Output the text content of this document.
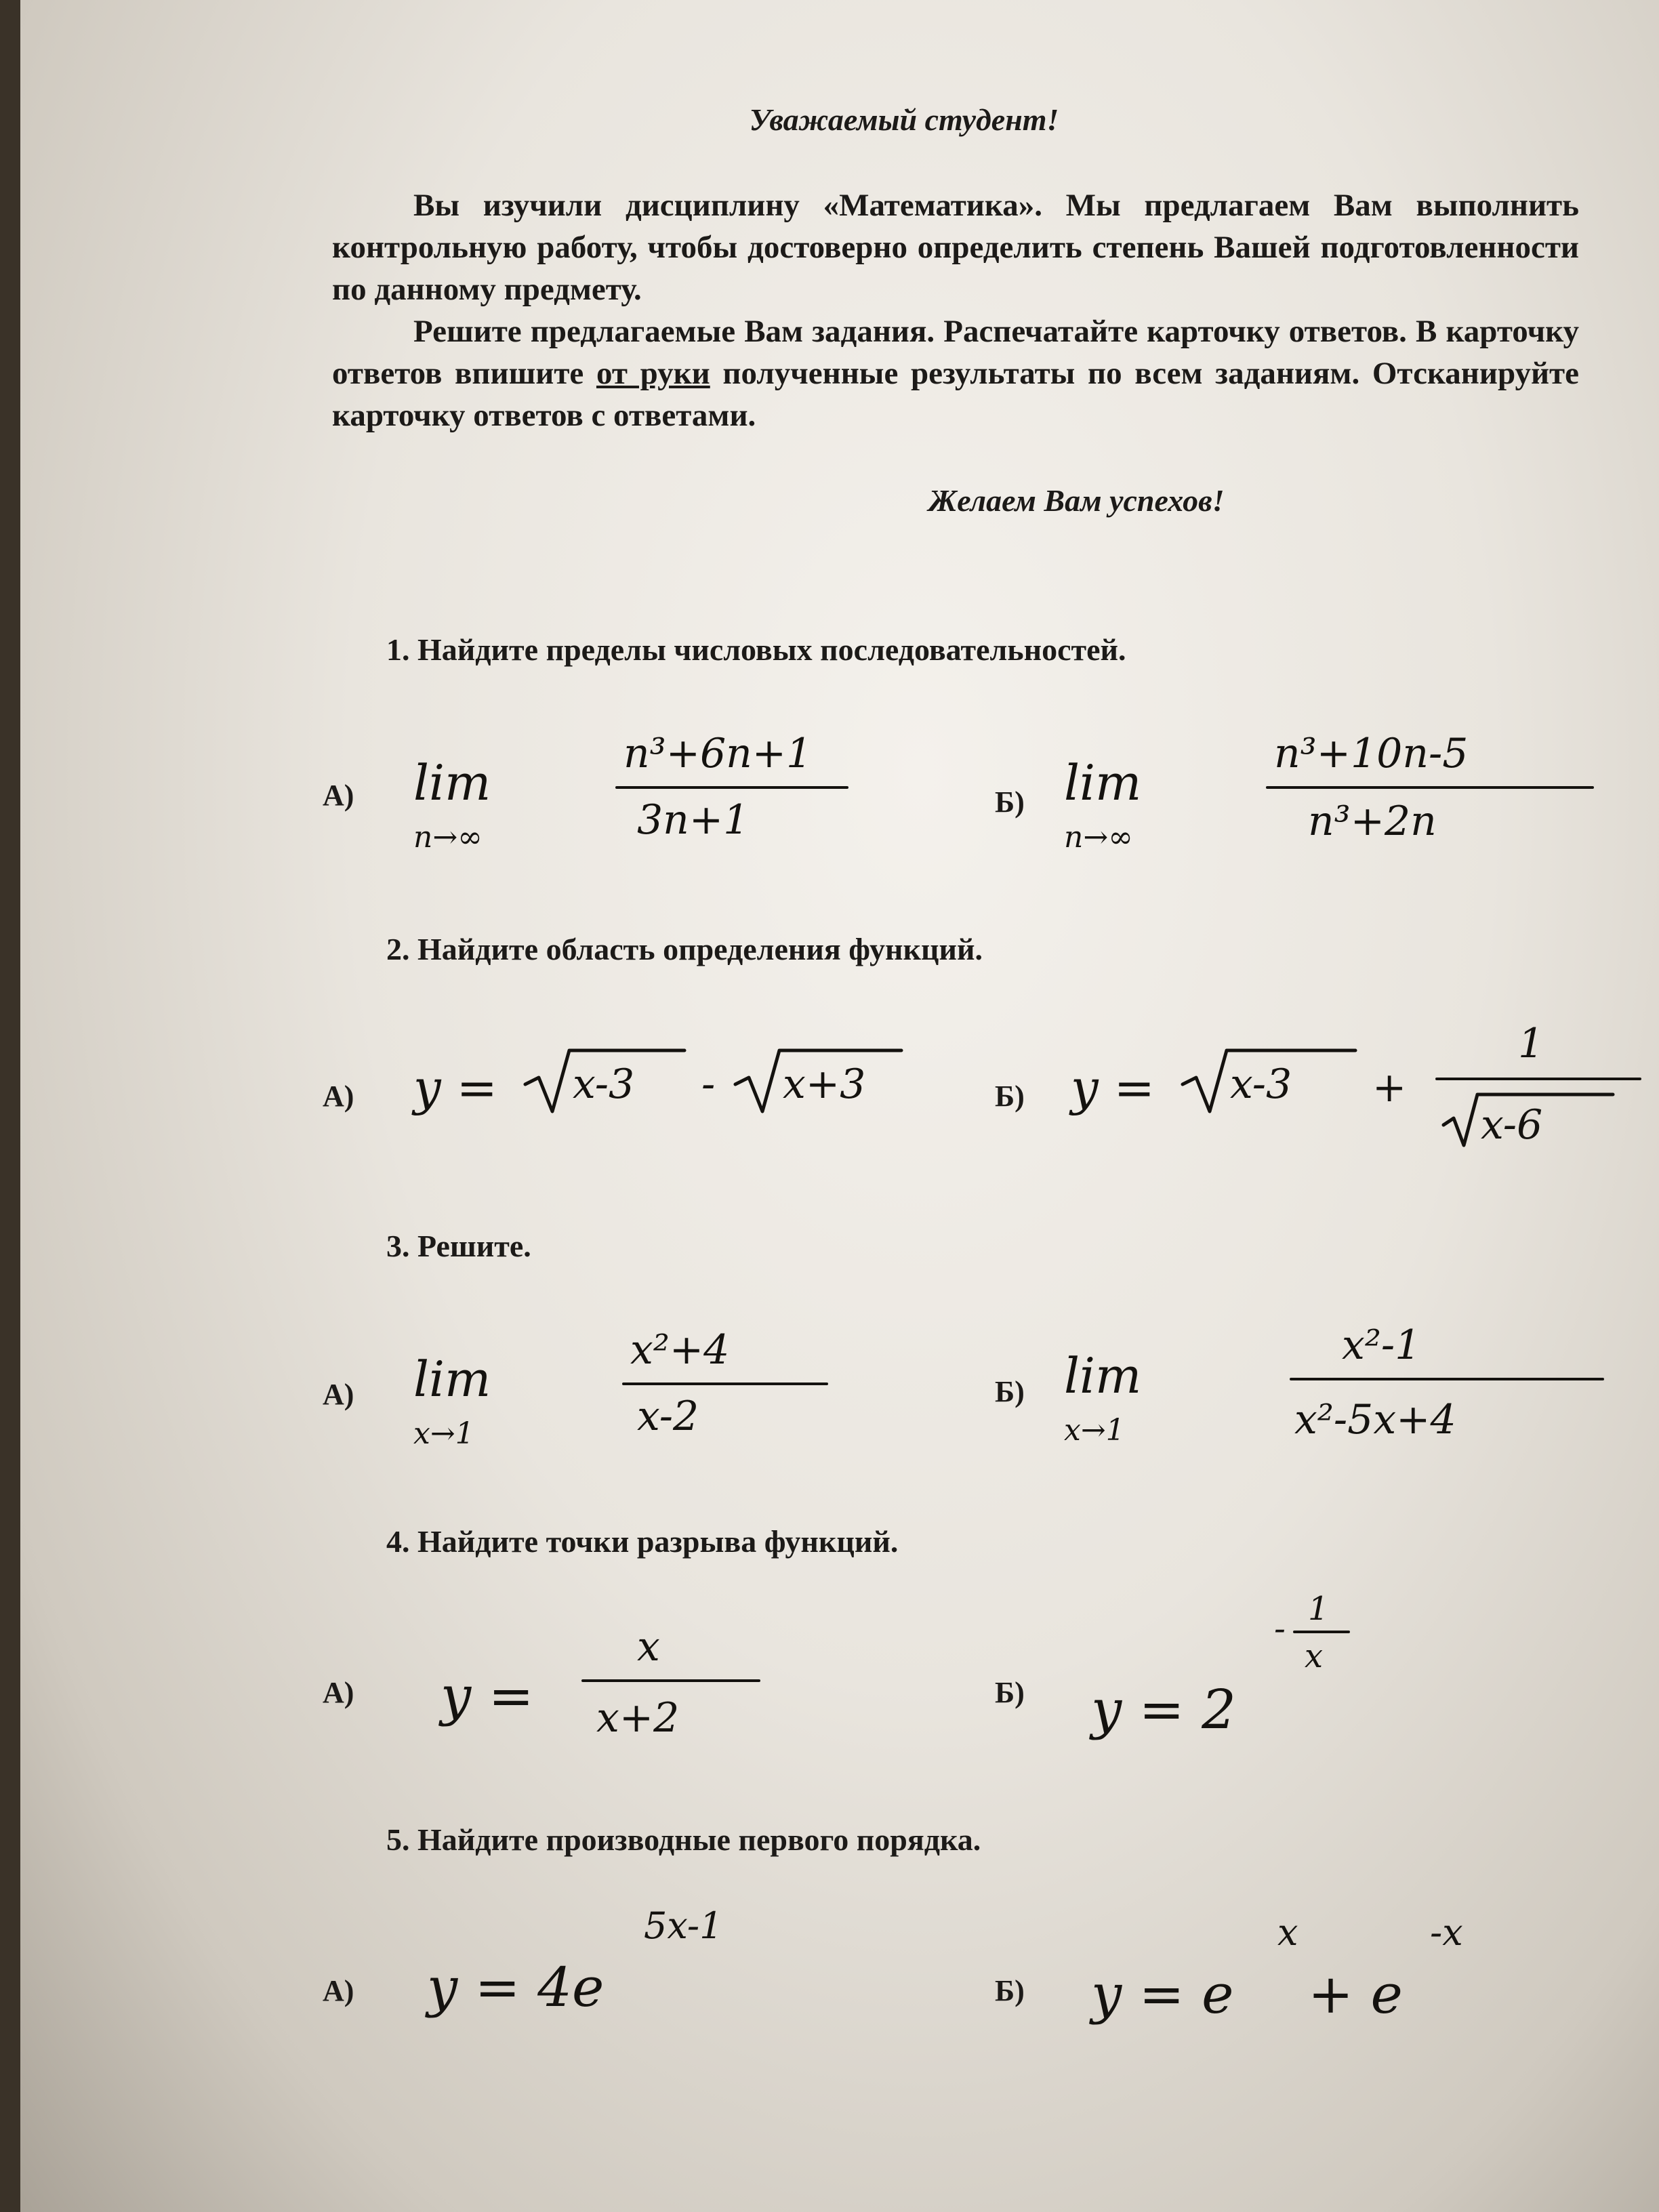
Уважаемый студент!

Вы изучили дисциплину «Математика». Мы предлагаем Вам выполнить контрольную работу, чтобы достоверно определить степень Вашей подготовленности по данному предмету.

Решите предлагаемые Вам задания. Распечатайте карточку ответов. В карточку ответов впишите от руки полученные результаты по всем заданиям. Отсканируйте карточку ответов с ответами.

Желаем Вам успехов!
1. Найдите пределы числовых последовательностей.
А) lim
n→∞
n³+6n+1
3n+1	Б) lim
n→∞
n³+10n-5
n³+2n
2. Найдите область определения функций.
А) y = x-3 - x+3	Б) y = x-3 +
1
x-6
3. Решите.
А) lim
x→1
x²+4
x-2
Б) lim
x→1
x²-1
x²-5x+4
4. Найдите точки разрыва функций.
А) y =
x
x+2
Б) y = 2
- 1
x
5. Найдите производные первого порядка.
А) y = 4e
5x-1
Б) y = e
x
+ e
-x
